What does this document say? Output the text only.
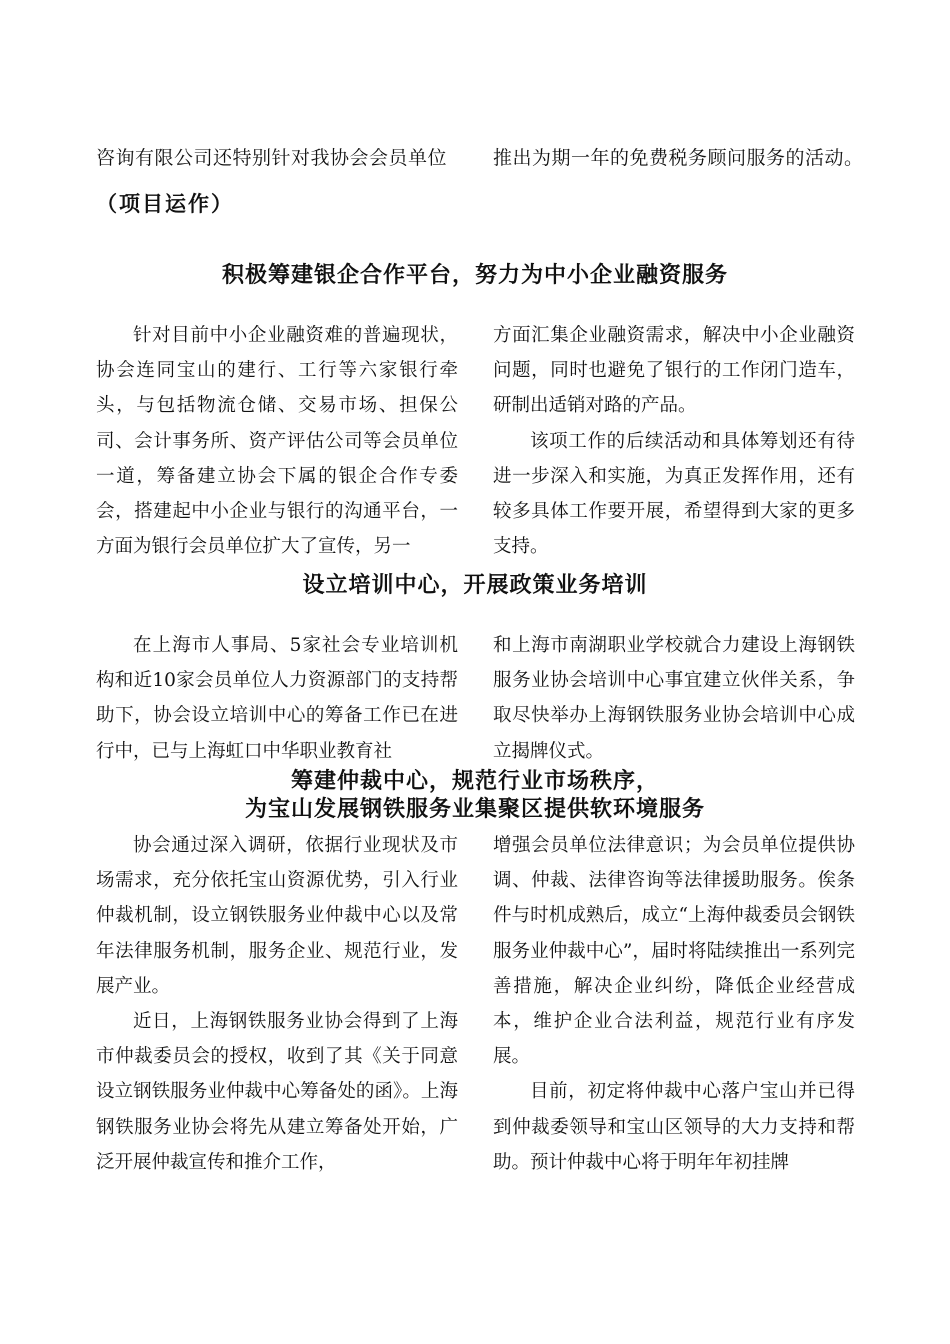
咨询有限公司还特别针对我协会会员单位 推出为期一年的免费税务顾问服务的活动。
（项目运作）
积极筹建银企合作平台，努力为中小企业融资服务

针对目前中小企业融资难的普遍现状，协会连同宝山的建行、工行等六家银行牵头，与包括物流仓储、交易市场、担保公司、会计事务所、资产评估公司等会员单位一道，筹备建立协会下属的银企合作专委会，搭建起中小企业与银行的沟通平台，一方面为银行会员单位扩大了宣传，另一

方面汇集企业融资需求，解决中小企业融资问题，同时也避免了银行的工作闭门造车，研制出适销对路的产品。

该项工作的后续活动和具体筹划还有待进一步深入和实施，为真正发挥作用，还有较多具体工作要开展，希望得到大家的更多支持。

设立培训中心，开展政策业务培训

在上海市人事局、5家社会专业培训机构和近10家会员单位人力资源部门的支持帮助下，协会设立培训中心的筹备工作已在进行中，已与上海虹口中华职业教育社

和上海市南湖职业学校就合力建设上海钢铁服务业协会培训中心事宜建立伙伴关系，争取尽快举办上海钢铁服务业协会培训中心成立揭牌仪式。

筹建仲裁中心，规范行业市场秩序，
为宝山发展钢铁服务业集聚区提供软环境服务

协会通过深入调研，依据行业现状及市场需求，充分依托宝山资源优势，引入行业仲裁机制，设立钢铁服务业仲裁中心以及常年法律服务机制，服务企业、规范行业，发展产业。

近日，上海钢铁服务业协会得到了上海市仲裁委员会的授权，收到了其《关于同意设立钢铁服务业仲裁中心筹备处的函》。上海钢铁服务业协会将先从建立筹备处开始，广泛开展仲裁宣传和推介工作，

增强会员单位法律意识；为会员单位提供协调、仲裁、法律咨询等法律援助服务。俟条件与时机成熟后，成立“上海仲裁委员会钢铁服务业仲裁中心”，届时将陆续推出一系列完善措施，解决企业纠纷，降低企业经营成本，维护企业合法利益，规范行业有序发展。

目前，初定将仲裁中心落户宝山并已得到仲裁委领导和宝山区领导的大力支持和帮助。预计仲裁中心将于明年年初挂牌
